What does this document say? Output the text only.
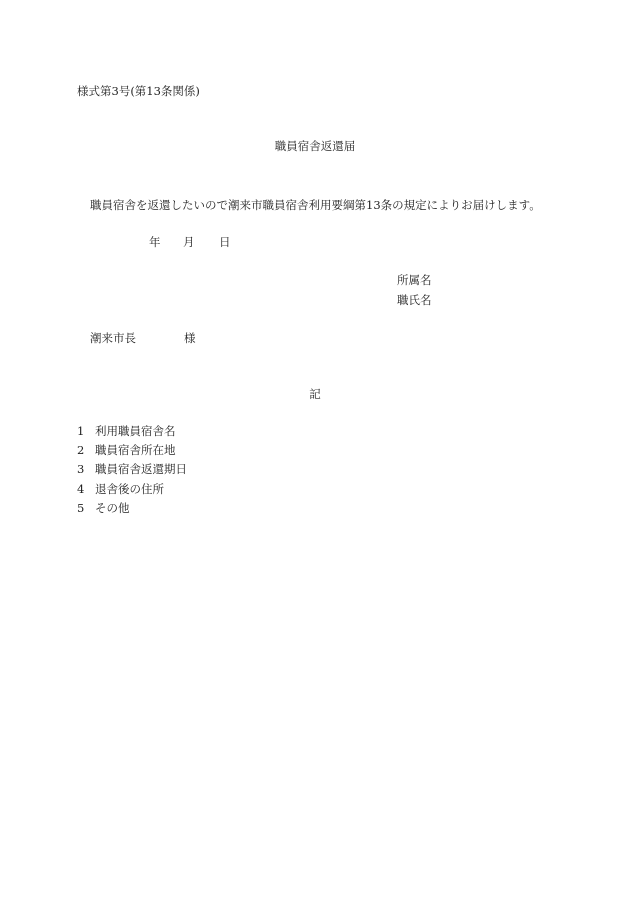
様式第3号(第13条関係)
職員宿舎返還届
職員宿舎を返還したいので潮来市職員宿舎利用要綱第13条の規定によりお届けします。
年 月 日
所属名
職氏名
潮来市長	様
記
1 利用職員宿舎名
2 職員宿舎所在地
3 職員宿舎返還期日
4 退舎後の住所
5 その他
